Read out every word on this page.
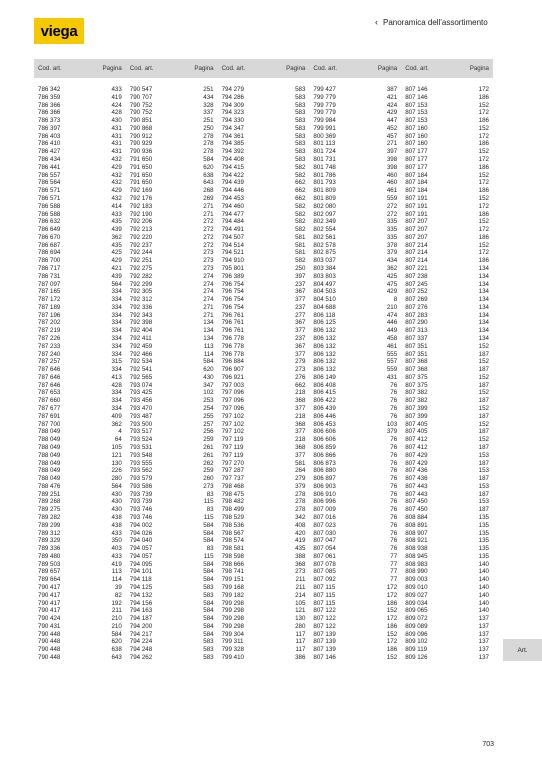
viega
‹ Panoramica dell'assortimento
Cod. art.	Pagina
786 342	433
786 359	419
786 366	424
786 366	428
786 373	430
786 397	431
786 403	431
786 410	431
786 427	431
786 434	432
786 441	429
786 557	432
786 564	432
786 571	429
786 571	432
786 588	414
786 588	433
786 632	435
786 649	439
786 670	362
786 687	435
786 694	425
786 700	429
786 717	421
786 731	439
787 097	564
787 165	334
787 172	334
787 189	334
787 196	334
787 202	334
787 219	334
787 226	334
787 233	334
787 240	334
787 257	315
787 646	334
787 646	413
787 646	428
787 653	334
787 660	334
787 677	334
787 691	409
787 700	362
788 049	4
788 049	64
788 049	105
788 049	121
788 049	130
788 049	226
788 049	280
788 476	564
789 251	430
789 268	430
789 275	430
789 282	438
789 299	438
789 312	433
789 329	350
789 336	403
789 480	433
789 503	419
789 657	113
789 664	114
790 417	39
790 417	82
790 417	192
790 417	211
790 424	210
790 431	210
790 448	584
790 448	620
790 448	638
790 448	643
Cod. art.	Pagina
790 547	251
790 707	434
790 752	328
790 752	337
790 851	251
790 868	250
790 912	278
790 929	278
790 936	278
791 650	584
791 650	620
791 650	638
791 650	643
792 169	268
792 176	269
792 183	271
792 190	271
792 206	272
792 213	272
792 220	272
792 237	272
792 244	273
792 251	273
792 275	273
792 282	274
792 299	274
792 305	274
792 312	274
792 336	271
792 343	271
792 398	134
792 404	134
792 411	134
792 459	113
792 466	114
792 534	584
792 541	620
792 565	430
793 074	347
793 425	102
793 456	253
793 470	254
793 487	255
793 500	257
793 517	256
793 524	259
793 531	261
793 548	261
793 555	262
793 562	259
793 579	260
793 586	273
793 739	83
793 739	115
793 746	83
793 746	115
794 002	584
794 026	584
794 040	584
794 057	83
794 057	115
794 095	584
794 101	584
794 118	584
794 125	583
794 132	583
794 156	584
794 163	584
794 187	584
794 200	584
794 217	584
794 224	583
794 248	583
794 262	583
Cod. art.	Pagina
794 279	583
794 286	583
794 309	583
794 323	583
794 330	583
794 347	583
794 361	583
794 385	583
794 392	583
794 408	583
794 415	582
794 422	582
794 439	662
794 446	662
794 453	662
794 460	582
794 477	582
794 484	582
794 491	582
794 507	581
794 514	581
794 521	581
794 910	582
795 801	250
796 389	397
796 754	237
796 754	367
796 754	377
796 754	237
796 761	277
796 761	367
796 761	377
796 778	237
796 778	367
796 778	377
796 884	279
796 907	273
796 921	276
797 003	662
797 096	218
797 096	368
797 096	377
797 102	218
797 102	368
797 102	377
797 119	218
797 119	368
797 119	377
797 270	581
797 287	264
797 737	279
798 468	379
798 475	278
798 482	278
798 499	278
798 529	342
798 536	408
798 567	420
798 574	419
798 581	435
798 598	388
798 666	368
798 741	273
799 151	211
799 168	211
799 182	214
799 298	105
799 298	121
799 298	130
799 298	280
799 304	117
799 311	117
799 328	117
799 410	386
Cod. art.	Pagina
799 427	387
799 779	421
799 779	424
799 779	429
799 984	447
799 991	452
800 369	457
801 113	271
801 724	397
801 731	398
801 748	398
801 786	460
801 793	460
801 809	461
801 809	559
802 080	272
802 097	272
802 349	335
802 554	335
802 561	335
802 578	378
802 875	379
803 037	434
803 384	362
803 803	425
804 497	475
804 503	429
804 510	8
804 688	210
806 118	474
806 125	446
806 132	449
806 132	458
806 132	461
806 132	555
806 132	557
806 132	559
806 149	431
806 408	76
806 415	76
806 422	76
806 439	76
806 446	76
806 453	103
806 606	379
806 606	76
806 859	76
806 866	76
806 873	76
806 880	76
806 897	76
806 903	76
806 910	76
806 996	76
807 009	76
807 016	76
807 023	76
807 030	76
807 047	76
807 054	76
807 061	77
807 078	77
807 085	77
807 092	77
807 115	172
807 115	172
807 115	186
807 122	152
807 122	172
807 122	186
807 139	152
807 139	172
807 139	186
807 146	152
Cod. art.	Pagina
807 146	172
807 146	186
807 153	152
807 153	172
807 153	186
807 160	152
807 160	172
807 160	186
807 177	152
807 177	172
807 177	186
807 184	152
807 184	172
807 184	186
807 191	152
807 191	172
807 191	186
807 207	152
807 207	172
807 207	186
807 214	152
807 214	172
807 214	186
807 221	134
807 238	134
807 245	134
807 252	134
807 269	134
807 276	134
807 283	134
807 290	134
807 313	134
807 337	134
807 351	152
807 351	187
807 368	152
807 368	187
807 375	152
807 375	187
807 382	152
807 382	187
807 399	152
807 399	187
807 405	152
807 405	187
807 412	152
807 412	187
807 429	153
807 429	187
807 436	153
807 436	187
807 443	153
807 443	187
807 450	153
807 450	187
808 884	135
808 891	135
808 907	135
808 921	135
808 938	135
808 945	135
808 983	140
808 990	140
809 003	140
809 010	140
809 027	140
809 034	140
809 065	140
809 072	137
809 089	137
809 096	137
809 102	137
809 119	137
809 126	137
Art.
703
